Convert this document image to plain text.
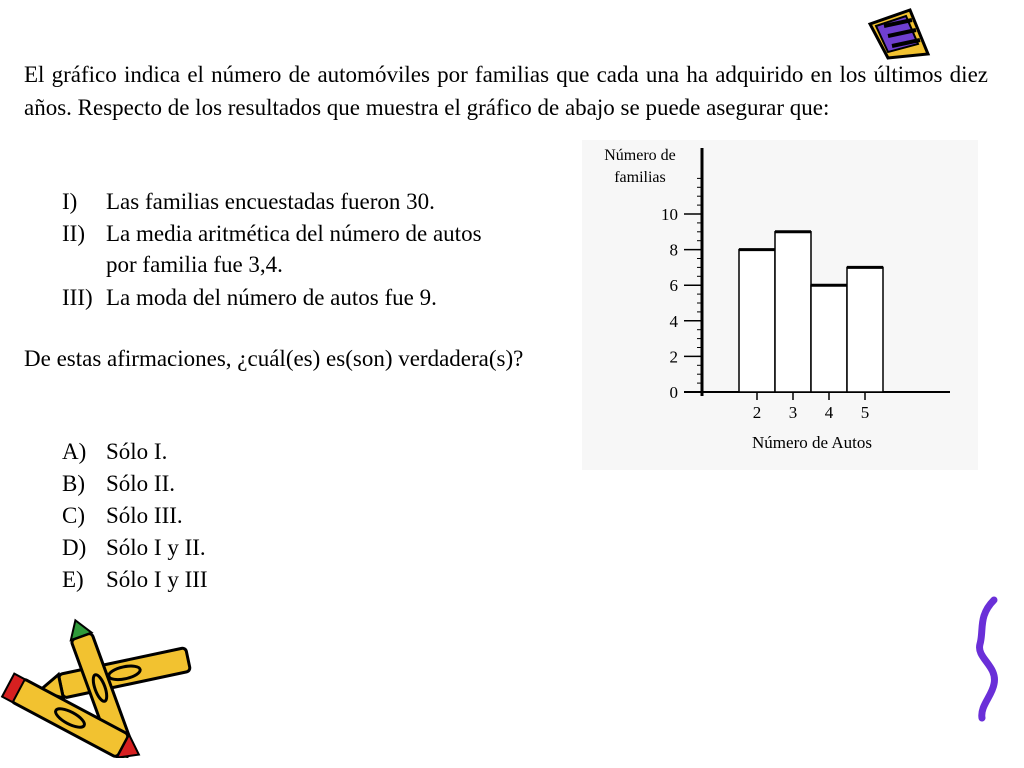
El gráfico indica el número de automóviles por familias que cada una ha adquirido en los últimos diez años. Respecto de los resultados que muestra el gráfico de abajo se puede asegurar que:

I) Las familias encuestadas fueron 30.
II) La media aritmética del número de autos
por familia fue 3,4.
III) La moda del número de autos fue 9.

De estas afirmaciones, ¿cuál(es) es(son) verdadera(s)?

A) Sólo I.
B) Sólo II.
C) Sólo III.
D) Sólo I y II.
E) Sólo I y III
Número de
familias
0
2
4
6
8
10
2 3 4 5
Número de Autos
